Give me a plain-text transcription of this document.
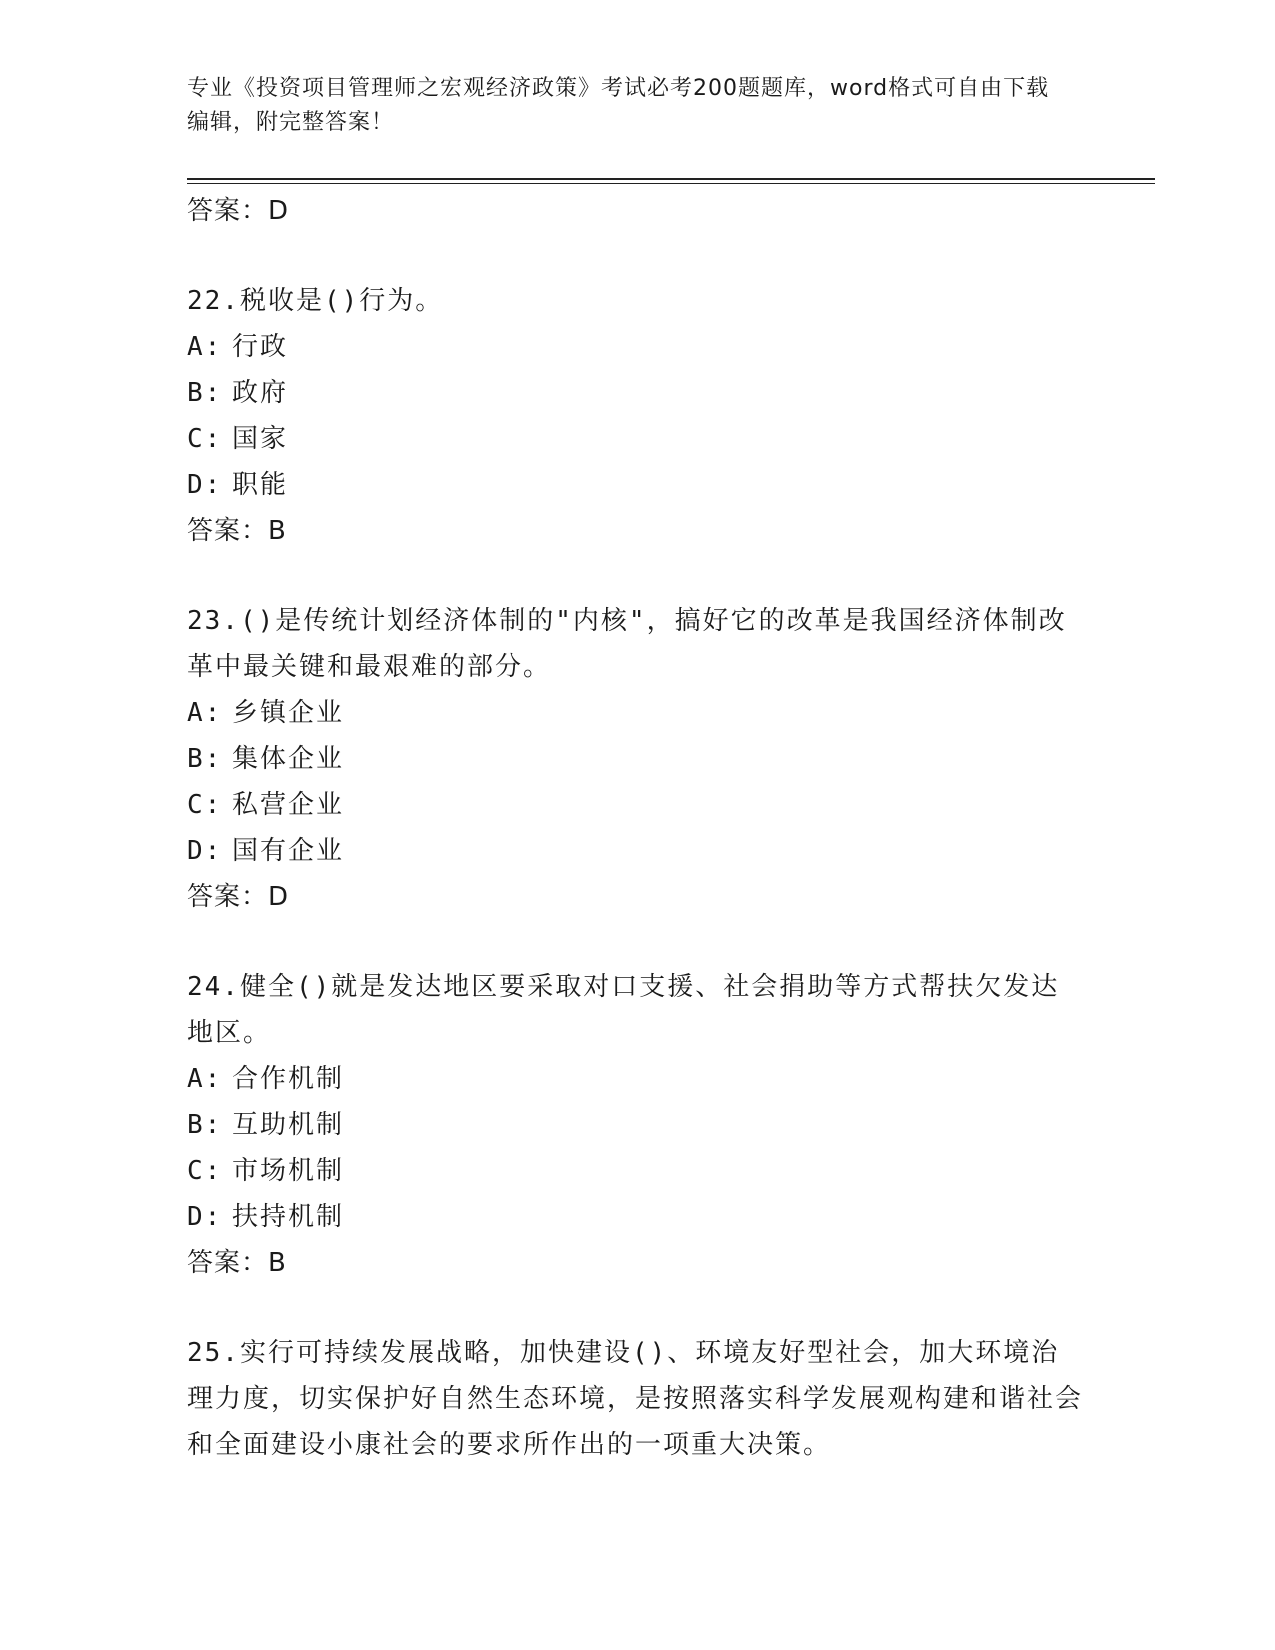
专业《投资项目管理师之宏观经济政策》考试必考200题题库，word格式可自由下载编辑，附完整答案！

答案：D

22.税收是()行为。

A: 行政

B: 政府

C: 国家

D: 职能

答案：B

23.()是传统计划经济体制的"内核"，搞好它的改革是我国经济体制改革中最关键和最艰难的部分。

A: 乡镇企业

B: 集体企业

C: 私营企业

D: 国有企业

答案：D

24.健全()就是发达地区要采取对口支援、社会捐助等方式帮扶欠发达地区。

A: 合作机制

B: 互助机制

C: 市场机制

D: 扶持机制

答案：B

25.实行可持续发展战略，加快建设()、环境友好型社会，加大环境治理力度，切实保护好自然生态环境，是按照落实科学发展观构建和谐社会和全面建设小康社会的要求所作出的一项重大决策。
